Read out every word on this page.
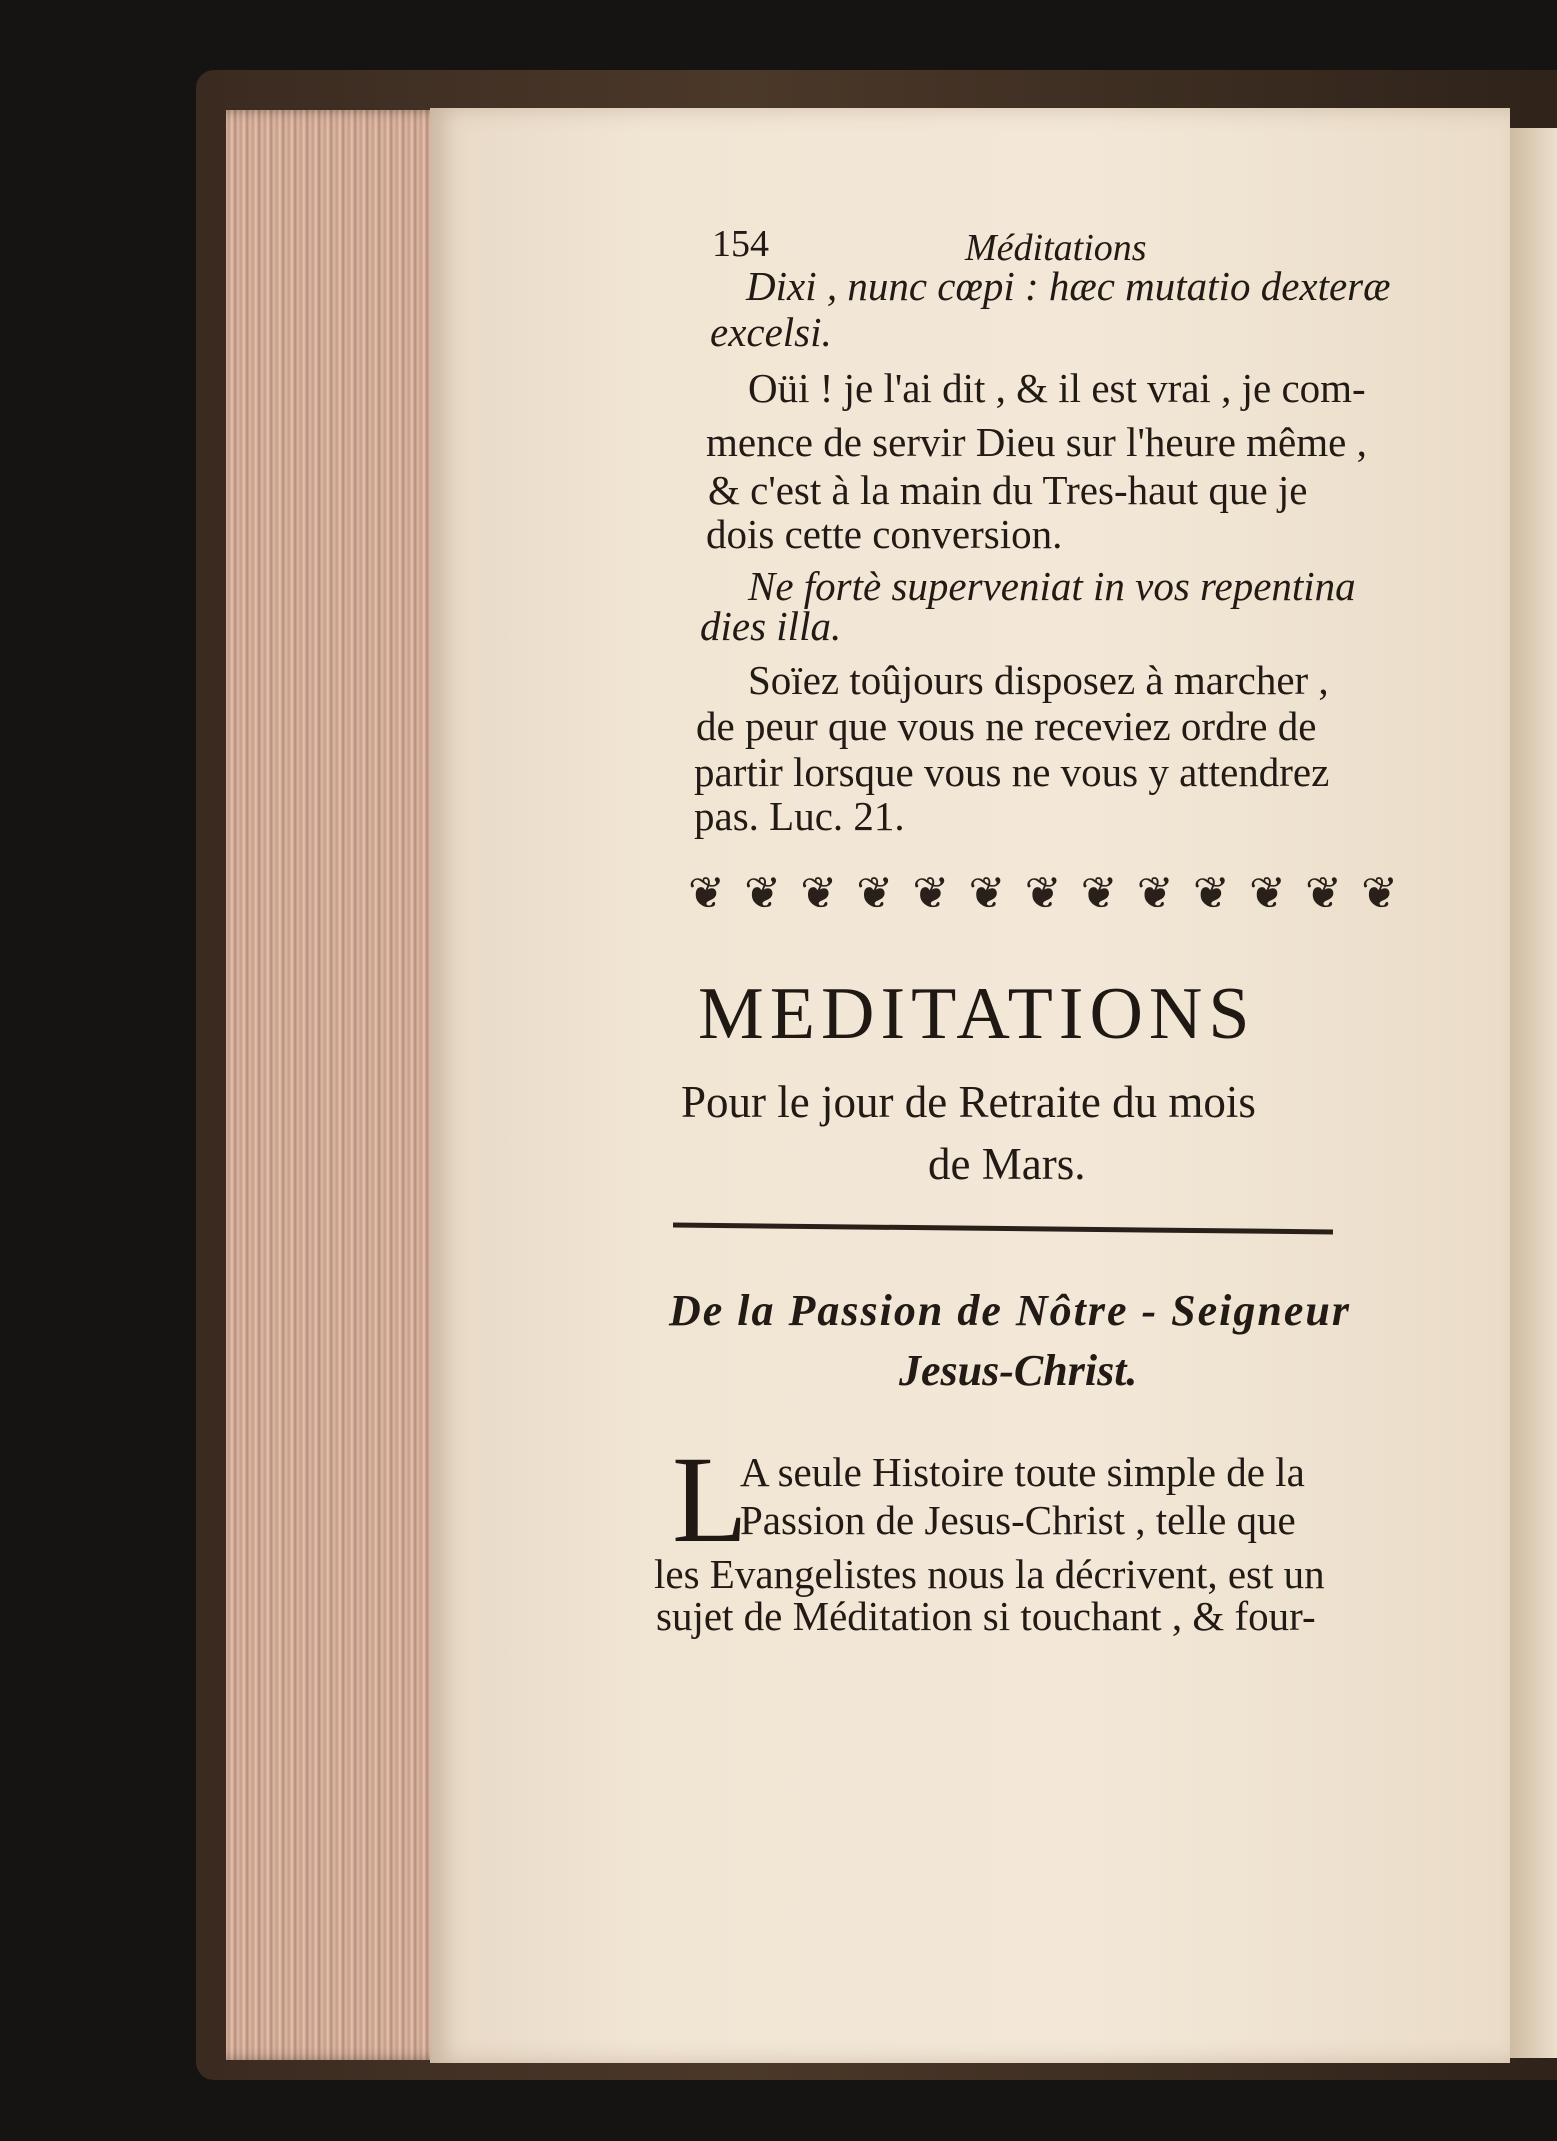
154	Méditations
Dixi , nunc cœpi : hæc mutatio dexteræ
excelsi.
Oüi ! je l'ai dit , & il est vrai , je com-
mence de servir Dieu sur l'heure même ,
& c'est à la main du Tres-haut que je
dois cette conversion.
Ne fortè superveniat in vos repentina
dies illa.
Soïez toûjours disposez à marcher ,
de peur que vous ne receviez ordre de
partir lorsque vous ne vous y attendrez
pas. Luc. 21.
❦ ❦ ❦ ❦ ❦ ❦ ❦ ❦ ❦ ❦ ❦ ❦ ❦
MEDITATIONS
Pour le jour de Retraite du mois
de Mars.
De la Passion de Nôtre - Seigneur
Jesus-Christ.
L
A seule Histoire toute simple de la
Passion de Jesus-Christ , telle que
les Evangelistes nous la décrivent, est un
sujet de Méditation si touchant , & four-
